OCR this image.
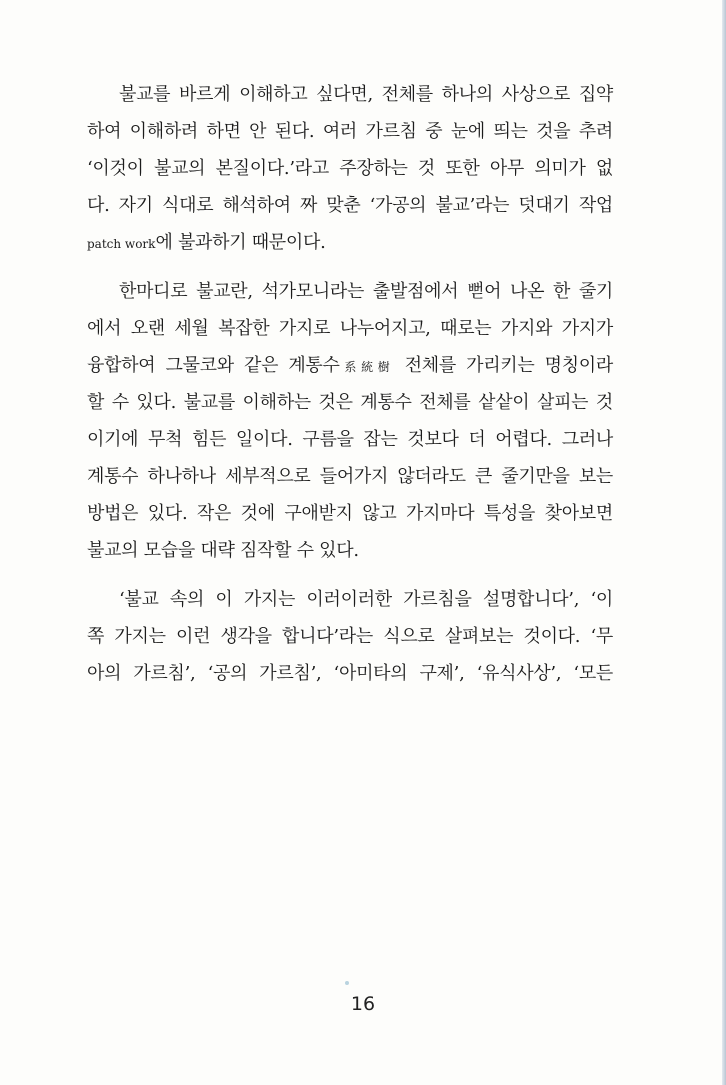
불교를 바르게 이해하고 싶다면, 전체를 하나의 사상으로 집약
하여 이해하려 하면 안 된다. 여러 가르침 중 눈에 띄는 것을 추려
‘이것이 불교의 본질이다.’라고 주장하는 것 또한 아무 의미가 없
다. 자기 식대로 해석하여 짜 맞춘 ‘가공의 불교’라는 덧대기 작업
patch work에 불과하기 때문이다.
한마디로 불교란, 석가모니라는 출발점에서 뻗어 나온 한 줄기
에서 오랜 세월 복잡한 가지로 나누어지고, 때로는 가지와 가지가
융합하여 그물코와 같은 계통수系統樹 전체를 가리키는 명칭이라
할 수 있다. 불교를 이해하는 것은 계통수 전체를 샅샅이 살피는 것
이기에 무척 힘든 일이다. 구름을 잡는 것보다 더 어렵다. 그러나
계통수 하나하나 세부적으로 들어가지 않더라도 큰 줄기만을 보는
방법은 있다. 작은 것에 구애받지 않고 가지마다 특성을 찾아보면
불교의 모습을 대략 짐작할 수 있다.
‘불교 속의 이 가지는 이러이러한 가르침을 설명합니다’, ‘이
쪽 가지는 이런 생각을 합니다’라는 식으로 살펴보는 것이다. ‘무
아의 가르침’, ‘공의 가르침’, ‘아미타의 구제’, ‘유식사상’, ‘모든
16
